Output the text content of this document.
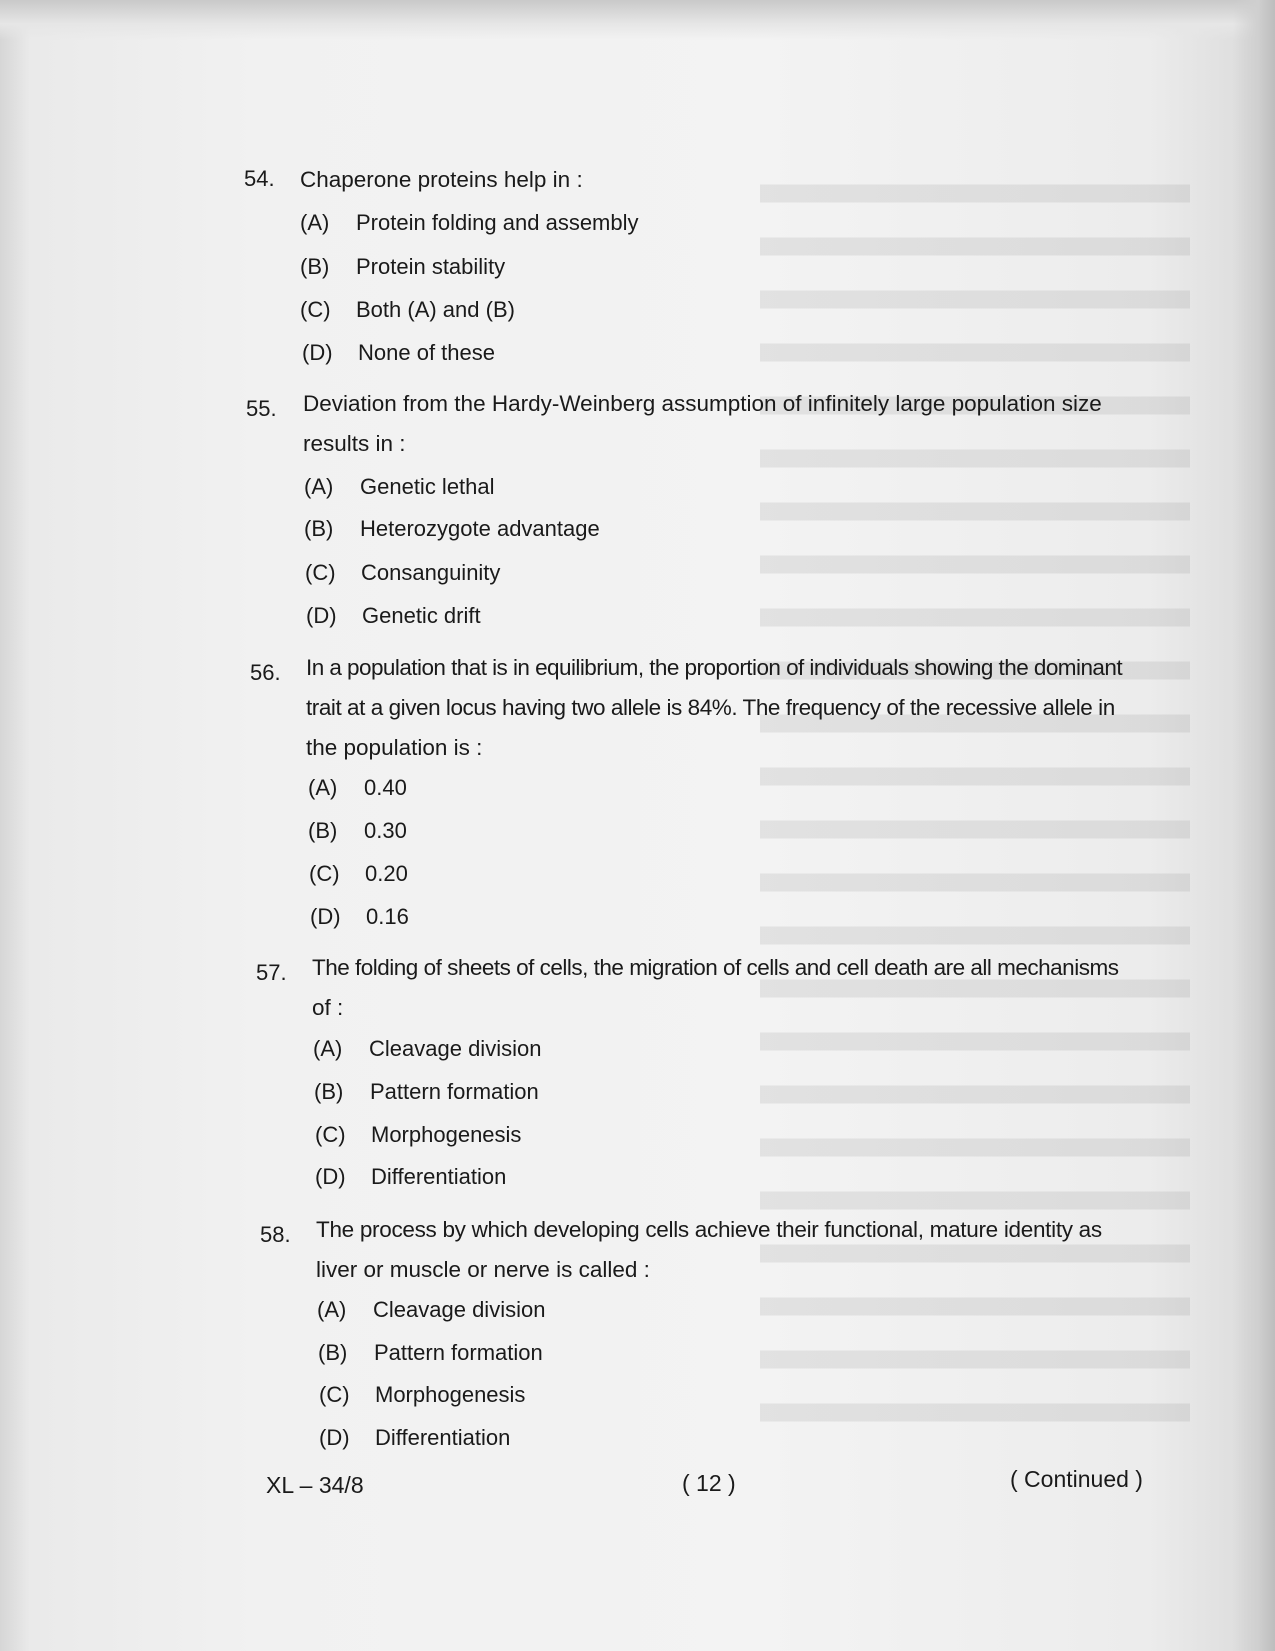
54. Chaperone proteins help in :
(A) Protein folding and assembly
(B) Protein stability
(C) Both (A) and (B)
(D) None of these
55. Deviation from the Hardy-Weinberg assumption of infinitely large population size
results in :
(A) Genetic lethal
(B) Heterozygote advantage
(C) Consanguinity
(D) Genetic drift
56. In a population that is in equilibrium, the proportion of individuals showing the dominant
trait at a given locus having two allele is 84%. The frequency of the recessive allele in
the population is :
(A) 0.40
(B) 0.30
(C) 0.20
(D) 0.16
57. The folding of sheets of cells, the migration of cells and cell death are all mechanisms
of :
(A) Cleavage division
(B) Pattern formation
(C) Morphogenesis
(D) Differentiation
58. The process by which developing cells achieve their functional, mature identity as
liver or muscle or nerve is called :
(A) Cleavage division
(B) Pattern formation
(C) Morphogenesis
(D) Differentiation
XL – 34/8	( 12 )	( Continued )
